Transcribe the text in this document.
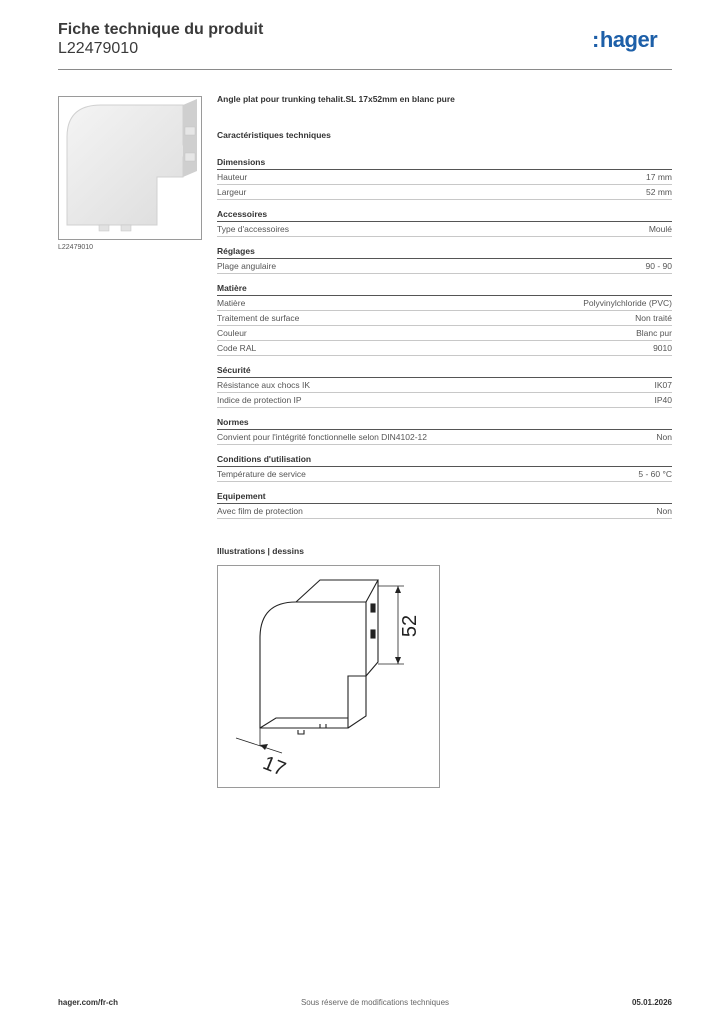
Fiche technique du produit
L22479010	:hager
L22479010
Angle plat pour trunking tehalit.SL 17x52mm en blanc pure
Caractéristiques techniques
Dimensions
Hauteur	17 mm
Largeur	52 mm
Accessoires
Type d'accessoires	Moulé
Réglages
Plage angulaire	90 - 90
Matière
Matière	Polyvinylchloride (PVC)
Traitement de surface	Non traité
Couleur	Blanc pur
Code RAL	9010
Sécurité
Résistance aux chocs IK	IK07
Indice de protection IP	IP40
Normes
Convient pour l'intégrité fonctionnelle selon DIN4102-12	Non
Conditions d'utilisation
Température de service	5 - 60 °C
Equipement
Avec film de protection	Non
Illustrations | dessins
52
17
hager.com/fr-ch	Sous réserve de modifications techniques	05.01.2026
